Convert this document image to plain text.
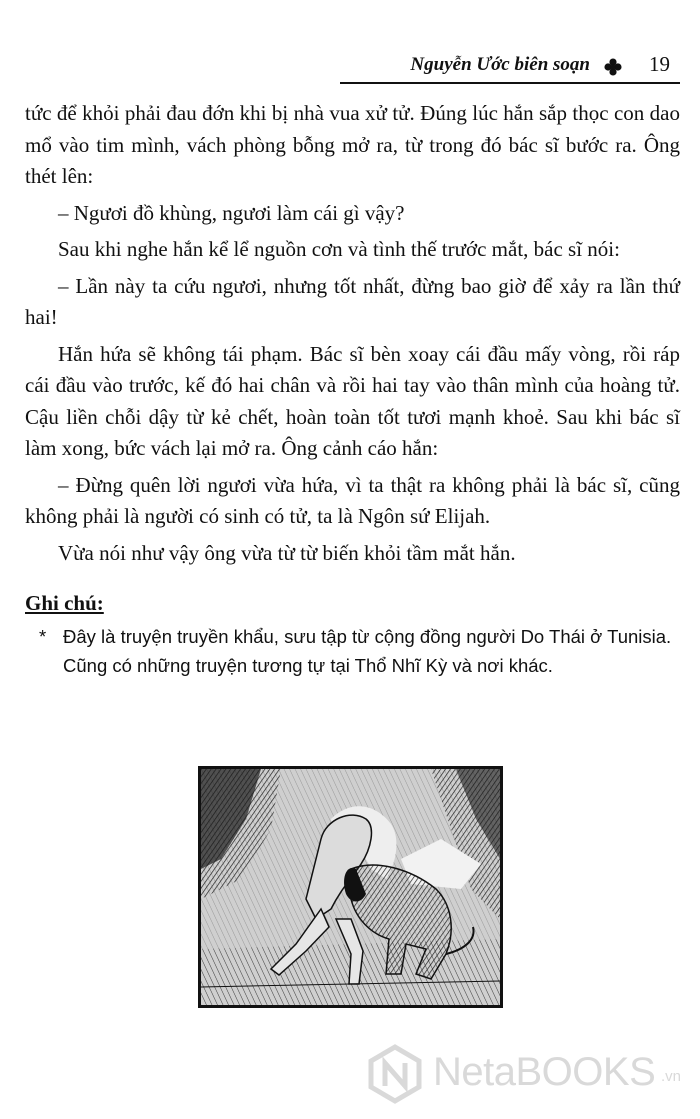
Nguyễn Ước biên soạn	19

tức để khỏi phải đau đớn khi bị nhà vua xử tử. Đúng lúc hắn sắp thọc con dao mổ vào tim mình, vách phòng bỗng mở ra, từ trong đó bác sĩ bước ra. Ông thét lên:

– Ngươi đồ khùng, ngươi làm cái gì vậy?

Sau khi nghe hắn kể lể nguồn cơn và tình thế trước mắt, bác sĩ nói:

– Lần này ta cứu ngươi, nhưng tốt nhất, đừng bao giờ để xảy ra lần thứ hai!

Hắn hứa sẽ không tái phạm. Bác sĩ bèn xoay cái đầu mấy vòng, rồi ráp cái đầu vào trước, kế đó hai chân và rồi hai tay vào thân mình của hoàng tử. Cậu liền chỗi dậy từ kẻ chết, hoàn toàn tốt tươi mạnh khoẻ. Sau khi bác sĩ làm xong, bức vách lại mở ra. Ông cảnh cáo hắn:

– Đừng quên lời ngươi vừa hứa, vì ta thật ra không phải là bác sĩ, cũng không phải là người có sinh có tử, ta là Ngôn sứ Elijah.

Vừa nói như vậy ông vừa từ từ biến khỏi tầm mắt hắn.

Ghi chú:
* Đây là truyện truyền khẩu, sưu tập từ cộng đồng người Do Thái ở Tunisia. Cũng có những truyện tương tự tại Thổ Nhĩ Kỳ và nơi khác.
NetaBOOKS .vn
